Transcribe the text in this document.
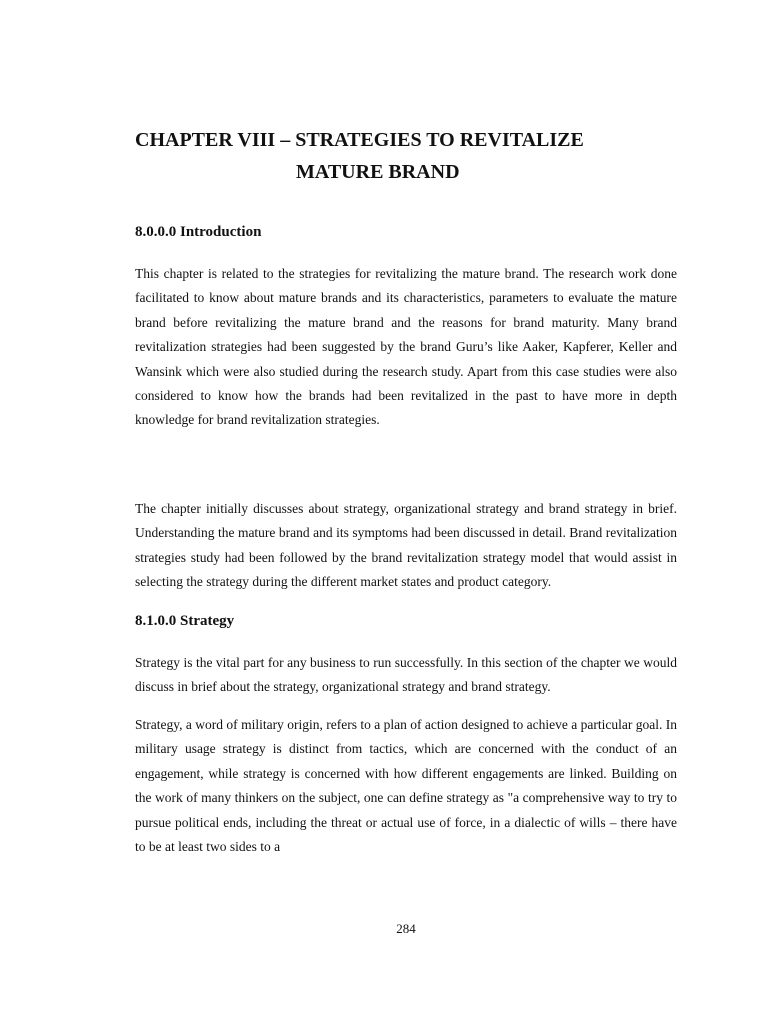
CHAPTER VIII – STRATEGIES TO REVITALIZE
MATURE BRAND
8.0.0.0 Introduction

This chapter is related to the strategies for revitalizing the mature brand. The research work done facilitated to know about mature brands and its characteristics, parameters to evaluate the mature brand before revitalizing the mature brand and the reasons for brand maturity. Many brand revitalization strategies had been suggested by the brand Guru’s like Aaker, Kapferer, Keller and Wansink which were also studied during the research study. Apart from this case studies were also considered to know how the brands had been revitalized in the past to have more in depth knowledge for brand revitalization strategies.

The chapter initially discusses about strategy, organizational strategy and brand strategy in brief. Understanding the mature brand and its symptoms had been discussed in detail. Brand revitalization strategies study had been followed by the brand revitalization strategy model that would assist in selecting the strategy during the different market states and product category.

8.1.0.0 Strategy

Strategy is the vital part for any business to run successfully. In this section of the chapter we would discuss in brief about the strategy, organizational strategy and brand strategy.

Strategy, a word of military origin, refers to a plan of action designed to achieve a particular goal. In military usage strategy is distinct from tactics, which are concerned with the conduct of an engagement, while strategy is concerned with how different engagements are linked. Building on the work of many thinkers on the subject, one can define strategy as "a comprehensive way to try to pursue political ends, including the threat or actual use of force, in a dialectic of wills – there have to be at least two sides to a

284
